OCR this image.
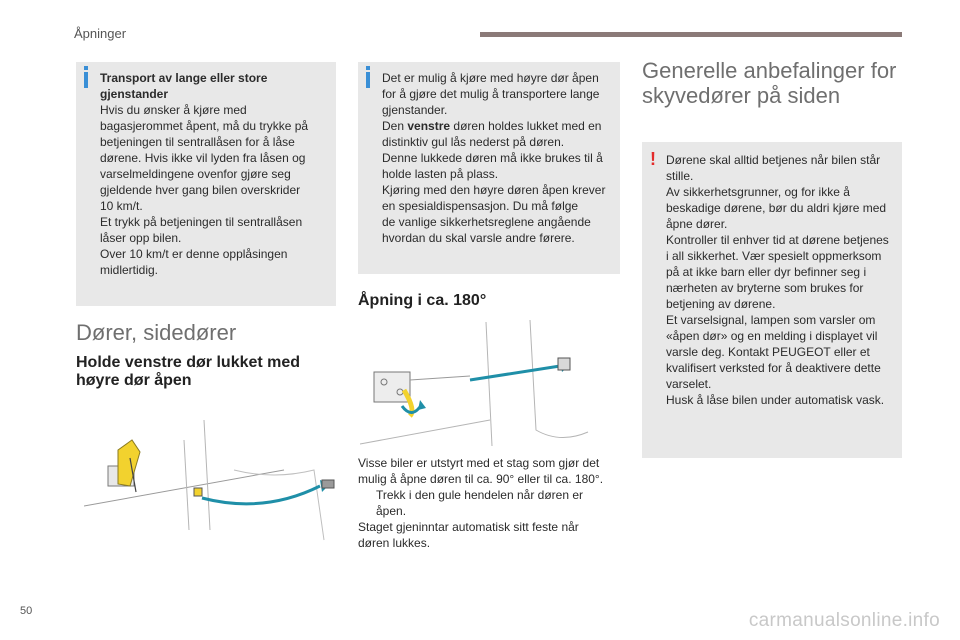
Åpninger

Transport av lange eller store gjenstander

Hvis du ønsker å kjøre med

bagasjerommet åpent, må du trykke på

betjeningen til sentrallåsen for å låse

dørene. Hvis ikke vil lyden fra låsen og

varselmeldingene ovenfor gjøre seg

gjeldende hver gang bilen overskrider

10 km/t.

Et trykk på betjeningen til sentrallåsen

låser opp bilen.

Over 10 km/t er denne opplåsingen

midlertidig.

Dører, sidedører
Holde venstre dør lukket med
høyre dør åpen

Det er mulig å kjøre med høyre dør åpen

for å gjøre det mulig å transportere lange

gjenstander.

Den venstre døren holdes lukket med en

distinktiv gul lås nederst på døren.

Denne lukkede døren må ikke brukes til å

holde lasten på plass.

Kjøring med den høyre døren åpen krever

en spesialdispensasjon. Du må følge

de vanlige sikkerhetsreglene angående

hvordan du skal varsle andre førere.

Åpning i ca. 180°

Visse biler er utstyrt med et stag som gjør det

mulig å åpne døren til ca. 90° eller til ca. 180°.

Trekk i den gule hendelen når døren er

åpen.

Staget gjeninntar automatisk sitt feste når

døren lukkes.

Generelle anbefalinger for
skyvedører på siden
! Dørene skal alltid betjenes når bilen står

stille.

Av sikkerhetsgrunner, og for ikke å

beskadige dørene, bør du aldri kjøre med

åpne dører.

Kontroller til enhver tid at dørene betjenes

i all sikkerhet. Vær spesielt oppmerksom

på at ikke barn eller dyr befinner seg i

nærheten av bryterne som brukes for

betjening av dørene.

Et varselsignal, lampen som varsler om

«åpen dør» og en melding i displayet vil

varsle deg. Kontakt PEUGEOT eller et

kvalifisert verksted for å deaktivere dette

varselet.

Husk å låse bilen under automatisk vask.

50	carmanualsonline.info
